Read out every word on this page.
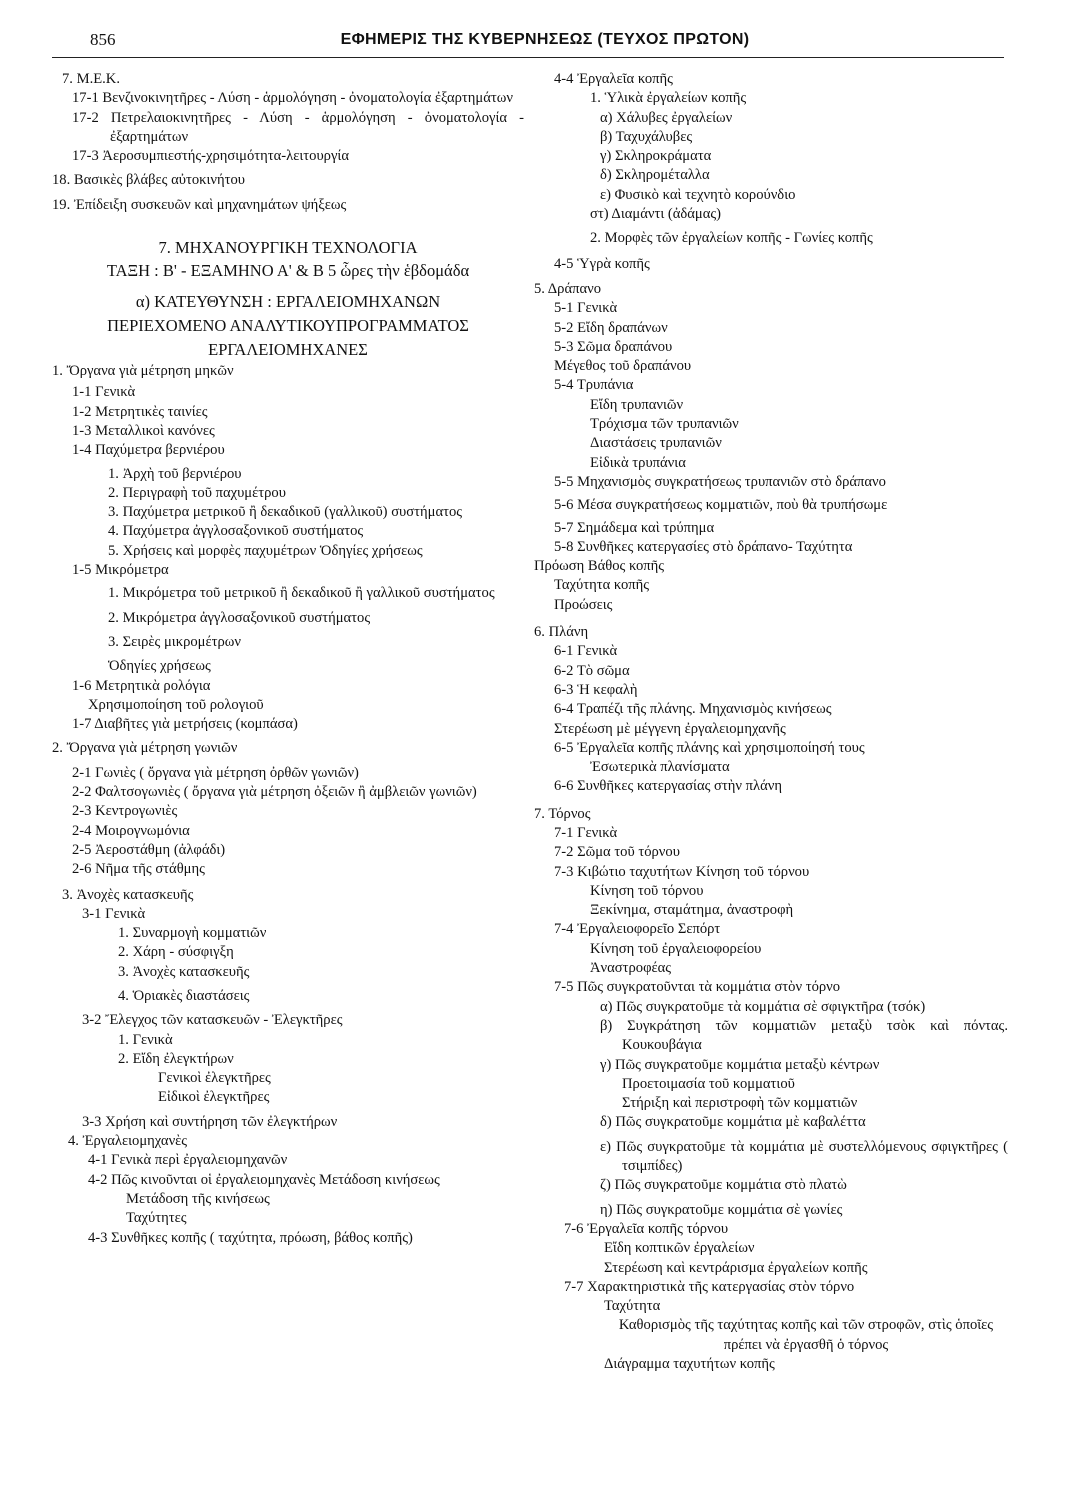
856	ΕΦΗΜΕΡΙΣ ΤΗΣ ΚΥΒΕΡΝΗΣΕΩΣ (ΤΕΥΧΟΣ ΠΡΩΤΟΝ)
7. Μ.Ε.Κ.
17-1 Βενζινοκινητῆρες - Λύση - ἁρμολόγηση - ὀνοματολογία ἐξαρτημάτων
17-2 Πετρελαιοκινητῆρες - Λύση - ἁρμολόγηση - ὀνοματολογία - ἐξαρτημάτων
17-3 Ἀεροσυμπιεστής-χρησιμότητα-λειτουργία
18. Βασικὲς βλάβες αὐτοκινήτου
19. Ἐπίδειξη συσκευῶν καὶ μηχανημάτων ψήξεως
7. ΜΗΧΑΝΟΥΡΓΙΚΗ ΤΕΧΝΟΛΟΓΙΑ
ΤΑΞΗ : Β' - ΕΞΑΜΗΝΟ Α' & Β 5 ὧρες τὴν ἑβδομάδα
α) ΚΑΤΕΥΘΥΝΣΗ : ΕΡΓΑΛΕΙΟΜΗΧΑΝΩΝ
ΠΕΡΙΕΧΟΜΕΝΟ ΑΝΑΛΥΤΙΚΟΥΠΡΟΓΡΑΜΜΑΤΟΣ
ΕΡΓΑΛΕΙΟΜΗΧΑΝΕΣ
1. Ὄργανα γιὰ μέτρηση μηκῶν
1-1 Γενικὰ
1-2 Μετρητικὲς ταινίες
1-3 Μεταλλικοὶ κανόνες
1-4 Παχύμετρα βερνιέρου
1. Ἀρχὴ τοῦ βερνιέρου
2. Περιγραφὴ τοῦ παχυμέτρου
3. Παχύμετρα μετρικοῦ ἢ δεκαδικοῦ (γαλλικοῦ) συστήματος
4. Παχύμετρα ἀγγλοσαξονικοῦ συστήματος
5. Χρήσεις καὶ μορφὲς παχυμέτρων Ὁδηγίες χρήσεως
1-5 Μικρόμετρα
1. Μικρόμετρα τοῦ μετρικοῦ ἢ δεκαδικοῦ ἢ γαλλικοῦ συστήματος
2. Μικρόμετρα ἀγγλοσαξονικοῦ συστήματος
3. Σειρὲς μικρομέτρων
Ὁδηγίες χρήσεως
1-6 Μετρητικὰ ρολόγια
Χρησιμοποίηση τοῦ ρολογιοῦ
1-7 Διαβῆτες γιὰ μετρήσεις (κομπάσα)
2. Ὄργανα γιὰ μέτρηση γωνιῶν
2-1 Γωνιὲς ( ὄργανα γιὰ μέτρηση ὀρθῶν γωνιῶν)
2-2 Φαλτσογωνιὲς ( ὄργανα γιὰ μέτρηση ὀξειῶν ἢ ἀμβλειῶν γωνιῶν)
2-3 Κεντρογωνιὲς
2-4 Μοιρογνωμόνια
2-5 Ἀεροστάθμη (ἀλφάδι)
2-6 Νῆμα τῆς στάθμης
3. Ἀνοχὲς κατασκευῆς
3-1 Γενικὰ
1. Συναρμογὴ κομματιῶν
2. Χάρη - σύσφιγξη
3. Ἀνοχὲς κατασκευῆς
4. Ὁριακὲς διαστάσεις
3-2 Ἔλεγχος τῶν κατασκευῶν - Ἐλεγκτῆρες
1. Γενικὰ
2. Εἴδη ἐλεγκτήρων
Γενικοὶ ἐλεγκτῆρες
Εἰδικοὶ ἐλεγκτῆρες
3-3 Χρήση καὶ συντήρηση τῶν ἐλεγκτήρων
4. Ἐργαλειομηχανὲς
4-1 Γενικὰ περὶ ἐργαλειομηχανῶν
4-2 Πῶς κινοῦνται οἱ ἐργαλειομηχανὲς Μετάδοση κινήσεως
Μετάδοση τῆς κινήσεως
Ταχύτητες
4-3 Συνθῆκες κοπῆς ( ταχύτητα, πρόωση, βάθος κοπῆς)
4-4 Ἐργαλεῖα κοπῆς
1. Ὑλικὰ ἐργαλείων κοπῆς
α) Χάλυβες ἐργαλείων
β) Ταχυχάλυβες
γ) Σκληροκράματα
δ) Σκληρομέταλλα
ε) Φυσικὸ καὶ τεχνητὸ κορούνδιο
στ) Διαμάντι (ἀδάμας)
2. Μορφὲς τῶν ἐργαλείων κοπῆς - Γωνίες κοπῆς
4-5 Ὑγρὰ κοπῆς
5. Δράπανο
5-1 Γενικὰ
5-2 Εἴδη δραπάνων
5-3 Σῶμα δραπάνου
Μέγεθος τοῦ δραπάνου
5-4 Τρυπάνια
Εἴδη τρυπανιῶν
Τρόχισμα τῶν τρυπανιῶν
Διαστάσεις τρυπανιῶν
Εἰδικὰ τρυπάνια
5-5 Μηχανισμὸς συγκρατήσεως τρυπανιῶν στὸ δράπανο
5-6 Μέσα συγκρατήσεως κομματιῶν, ποὺ θὰ τρυπήσωμε
5-7 Σημάδεμα καὶ τρύπημα
5-8 Συνθῆκες κατεργασίες στὸ δράπανο- Ταχύτητα
Πρόωση Βάθος κοπῆς
Ταχύτητα κοπῆς
Προώσεις
6. Πλάνη
6-1 Γενικὰ
6-2 Τὸ σῶμα
6-3 Ἡ κεφαλὴ
6-4 Τραπέζι τῆς πλάνης. Μηχανισμὸς κινήσεως
Στερέωση μὲ μέγγενη ἐργαλειομηχανῆς
6-5 Ἐργαλεῖα κοπῆς πλάνης καὶ χρησιμοποίησή τους
Ἐσωτερικὰ πλανίσματα
6-6 Συνθῆκες κατεργασίας στὴν πλάνη
7. Τόρνος
7-1 Γενικὰ
7-2 Σῶμα τοῦ τόρνου
7-3 Κιβώτιο ταχυτήτων Κίνηση τοῦ τόρνου
Κίνηση τοῦ τόρνου
Ξεκίνημα, σταμάτημα, ἀναστροφὴ
7-4 Ἐργαλειοφορεῖο Σεπόρτ
Κίνηση τοῦ ἐργαλειοφορείου
Ἀναστροφέας
7-5 Πῶς συγκρατοῦνται τὰ κομμάτια στὸν τόρνο
α) Πῶς συγκρατοῦμε τὰ κομμάτια σὲ σφιγκτῆρα (τσόκ)
β) Συγκράτηση τῶν κομματιῶν μεταξὺ τσὸκ καὶ πόντας. Κουκουβάγια
γ) Πῶς συγκρατοῦμε κομμάτια μεταξὺ κέντρων
Προετοιμασία τοῦ κομματιοῦ
Στήριξη καὶ περιστροφὴ τῶν κομματιῶν
δ) Πῶς συγκρατοῦμε κομμάτια μὲ καβαλέττα
ε) Πῶς συγκρατοῦμε τὰ κομμάτια μὲ συστελλόμενους σφιγκτῆρες ( τσιμπίδες)
ζ) Πῶς συγκρατοῦμε κομμάτια στὸ πλατὼ
η) Πῶς συγκρατοῦμε κομμάτια σὲ γωνίες
7-6 Ἐργαλεῖα κοπῆς τόρνου
Εἴδη κοπτικῶν ἐργαλείων
Στερέωση καὶ κεντράρισμα ἐργαλείων κοπῆς
7-7 Χαρακτηριστικὰ τῆς κατεργασίας στὸν τόρνο
Ταχύτητα
Καθορισμὸς τῆς ταχύτητας κοπῆς καὶ τῶν στροφῶν, στὶς ὁποῖες πρέπει νὰ ἐργασθῆ ὁ τόρνος
Διάγραμμα ταχυτήτων κοπῆς
